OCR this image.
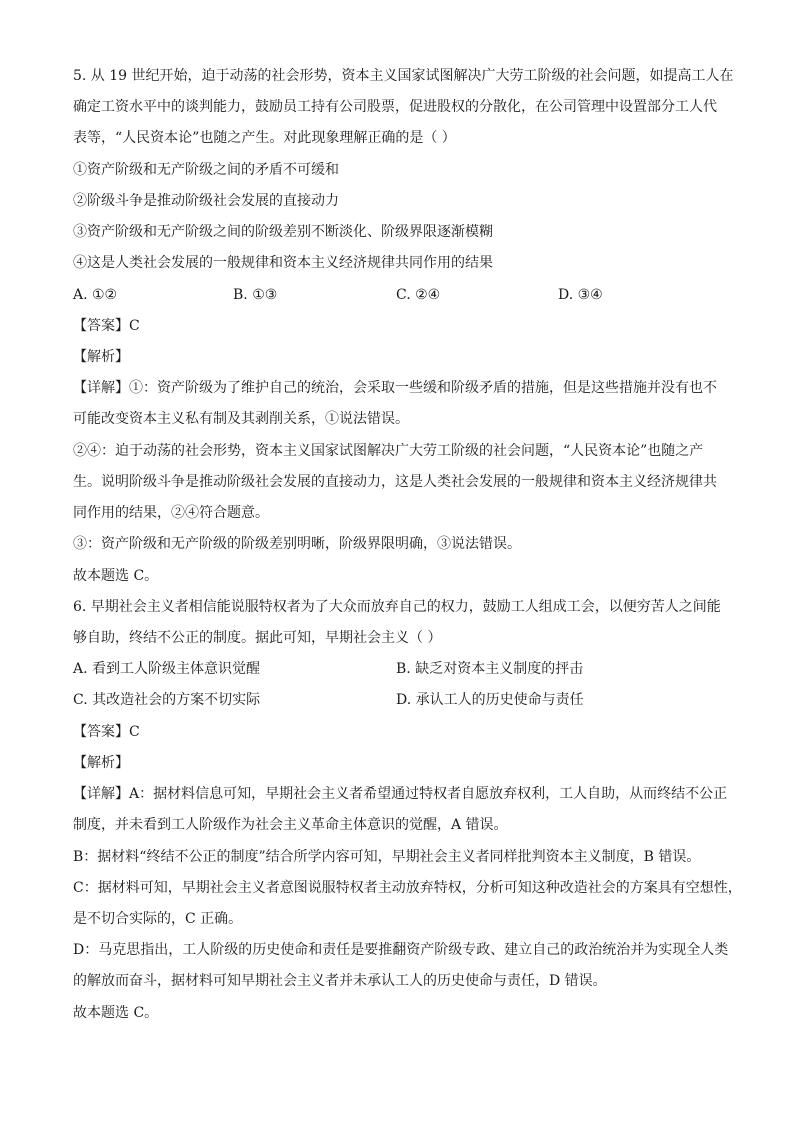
5. 从 19 世纪开始，迫于动荡的社会形势，资本主义国家试图解决广大劳工阶级的社会问题，如提高工人在
确定工资水平中的谈判能力，鼓励员工持有公司股票，促进股权的分散化，在公司管理中设置部分工人代
表等，“人民资本论”也随之产生。对此现象理解正确的是（ ）
①资产阶级和无产阶级之间的矛盾不可缓和
②阶级斗争是推动阶级社会发展的直接动力
③资产阶级和无产阶级之间的阶级差别不断淡化、阶级界限逐渐模糊
④这是人类社会发展的一般规律和资本主义经济规律共同作用的结果
A. ①②	B. ①③	C. ②④	D. ③④
【答案】C
【解析】
【详解】①：资产阶级为了维护自己的统治，会采取一些缓和阶级矛盾的措施，但是这些措施并没有也不
可能改变资本主义私有制及其剥削关系，①说法错误。
②④：迫于动荡的社会形势，资本主义国家试图解决广大劳工阶级的社会问题，“人民资本论”也随之产
生。说明阶级斗争是推动阶级社会发展的直接动力，这是人类社会发展的一般规律和资本主义经济规律共
同作用的结果，②④符合题意。
③：资产阶级和无产阶级的阶级差别明晰，阶级界限明确，③说法错误。
故本题选 C。
6. 早期社会主义者相信能说服特权者为了大众而放弃自己的权力，鼓励工人组成工会，以便穷苦人之间能
够自助，终结不公正的制度。据此可知，早期社会主义（ ）
A. 看到工人阶级主体意识觉醒	B. 缺乏对资本主义制度的抨击
C. 其改造社会的方案不切实际	D. 承认工人的历史使命与责任
【答案】C
【解析】
【详解】A：据材料信息可知，早期社会主义者希望通过特权者自愿放弃权利，工人自助，从而终结不公正
制度，并未看到工人阶级作为社会主义革命主体意识的觉醒，A 错误。
B：据材料“终结不公正的制度”结合所学内容可知，早期社会主义者同样批判资本主义制度，B 错误。
C：据材料可知，早期社会主义者意图说服特权者主动放弃特权，分析可知这种改造社会的方案具有空想性，
是不切合实际的，C 正确。
D：马克思指出，工人阶级的历史使命和责任是要推翻资产阶级专政、建立自己的政治统治并为实现全人类
的解放而奋斗，据材料可知早期社会主义者并未承认工人的历史使命与责任，D 错误。
故本题选 C。
